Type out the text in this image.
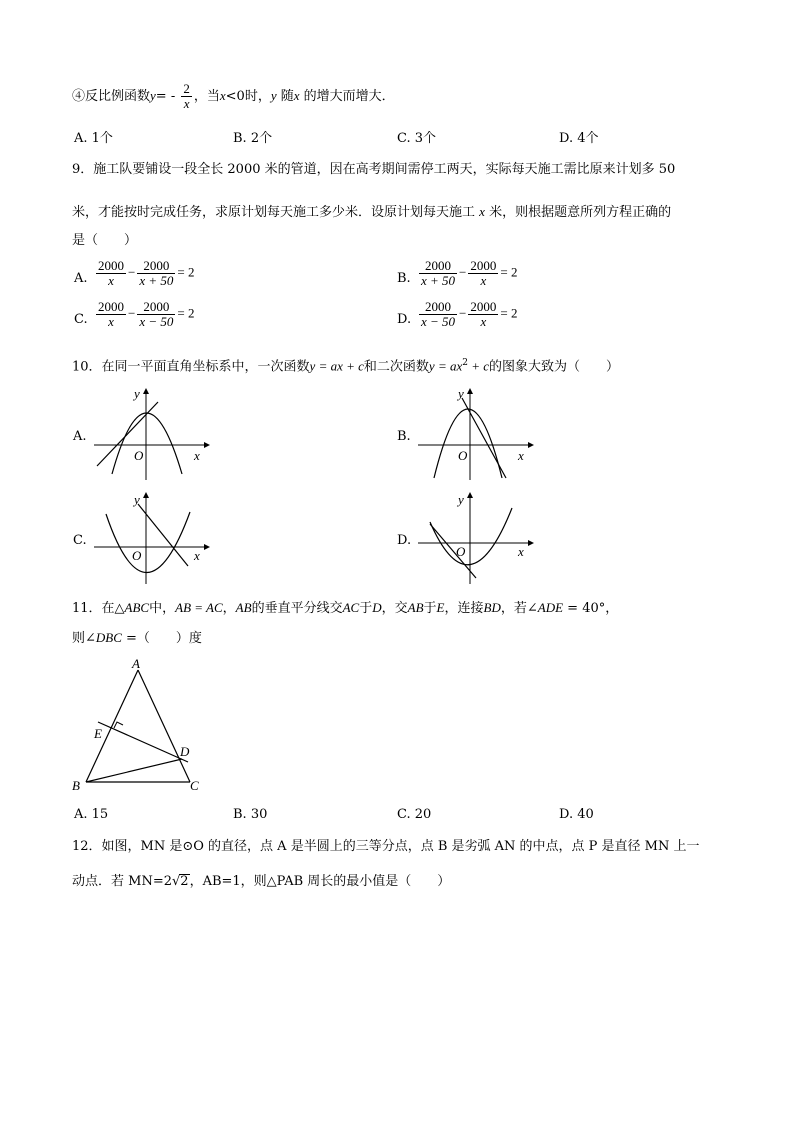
④反比例函数$y= - \frac{2}{x}$ ，当x<0时，y 随x 的增大而增大．
A. 1个	B. 2个	C. 3个	D. 4个
9．施工队要铺设一段全长 2000 米的管道，因在高考期间需停工两天，实际每天施工需比原来计划多 50
米，才能按时完成任务，求原计划每天施工多少米．设原计划每天施工 x 米，则根据题意所列方程正确的
是（　　）
A. $\frac{2000}{x} - \frac{2000}{x + 50} = 2$	B. $\frac{2000}{x + 50} - \frac{2000}{x} = 2$
C. $\frac{2000}{x} - \frac{2000}{x - 50} = 2$	D. $\frac{2000}{x - 50} - \frac{2000}{x} = 2$
10．在同一平面直角坐标系中，一次函数y = ax + c和二次函数$y = ax^2 + c$的图象大致为（　　）
A.	B.
C.	D.
y
x
O
y
x
O
y
x
O
y
x
O
11．在△ABC中，AB = AC，AB的垂直平分线交AC于D，交AB于E，连接BD，若∠ADE = 40°，
则∠DBC =（　　）度
A
E
D
B	C
A. 15	B. 30	C. 20	D. 40
12．如图，MN 是⊙O 的直径，点 A 是半圆上的三等分点，点 B 是劣弧 AN 的中点，点 P 是直径 MN 上一
动点．若 MN=2√2，AB=1，则△PAB 周长的最小值是（　　）
